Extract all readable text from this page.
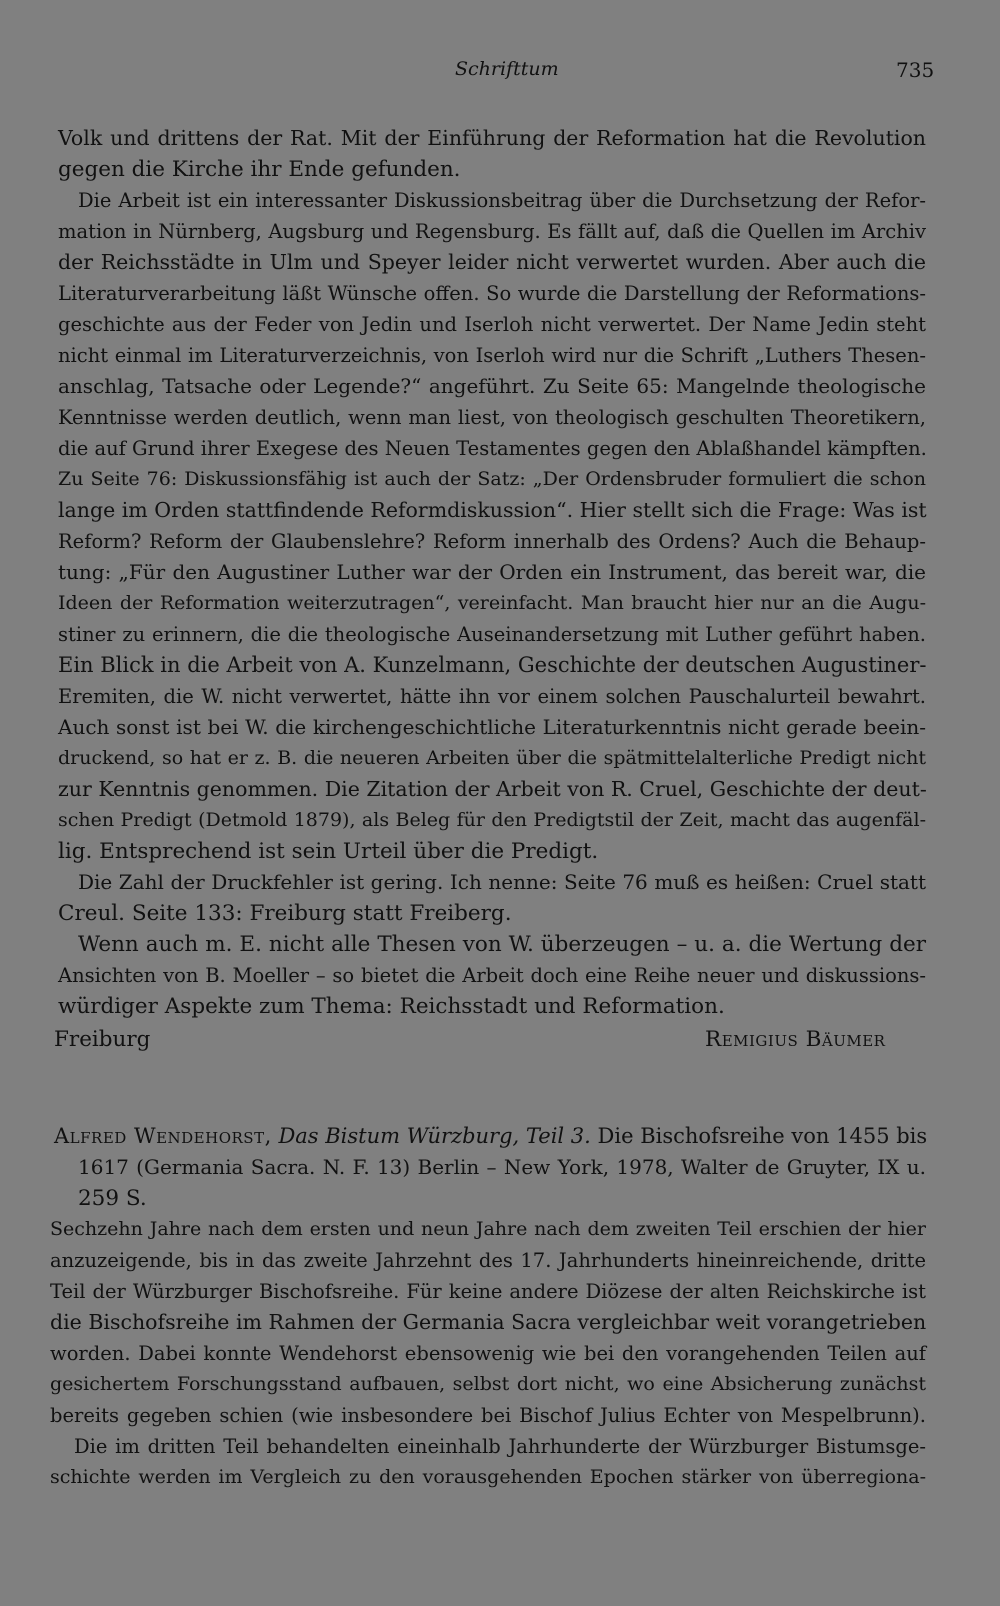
Schrifttum	735
Volk und drittens der Rat. Mit der Einführung der Reformation hat die Revolution
gegen die Kirche ihr Ende gefunden.
Die Arbeit ist ein interessanter Diskussionsbeitrag über die Durchsetzung der Refor-
mation in Nürnberg, Augsburg und Regensburg. Es fällt auf, daß die Quellen im Archiv
der Reichsstädte in Ulm und Speyer leider nicht verwertet wurden. Aber auch die
Literaturverarbeitung läßt Wünsche offen. So wurde die Darstellung der Reformations-
geschichte aus der Feder von Jedin und Iserloh nicht verwertet. Der Name Jedin steht
nicht einmal im Literaturverzeichnis, von Iserloh wird nur die Schrift „Luthers Thesen-
anschlag, Tatsache oder Legende?“ angeführt. Zu Seite 65: Mangelnde theologische
Kenntnisse werden deutlich, wenn man liest, von theologisch geschulten Theoretikern,
die auf Grund ihrer Exegese des Neuen Testamentes gegen den Ablaßhandel kämpften.
Zu Seite 76: Diskussionsfähig ist auch der Satz: „Der Ordensbruder formuliert die schon
lange im Orden stattfindende Reformdiskussion“. Hier stellt sich die Frage: Was ist
Reform? Reform der Glaubenslehre? Reform innerhalb des Ordens? Auch die Behaup-
tung: „Für den Augustiner Luther war der Orden ein Instrument, das bereit war, die
Ideen der Reformation weiterzutragen“, vereinfacht. Man braucht hier nur an die Augu-
stiner zu erinnern, die die theologische Auseinandersetzung mit Luther geführt haben.
Ein Blick in die Arbeit von A. Kunzelmann, Geschichte der deutschen Augustiner-
Eremiten, die W. nicht verwertet, hätte ihn vor einem solchen Pauschalurteil bewahrt.
Auch sonst ist bei W. die kirchengeschichtliche Literaturkenntnis nicht gerade beein-
druckend, so hat er z. B. die neueren Arbeiten über die spätmittelalterliche Predigt nicht
zur Kenntnis genommen. Die Zitation der Arbeit von R. Cruel, Geschichte der deut-
schen Predigt (Detmold 1879), als Beleg für den Predigtstil der Zeit, macht das augenfäl-
lig. Entsprechend ist sein Urteil über die Predigt.
Die Zahl der Druckfehler ist gering. Ich nenne: Seite 76 muß es heißen: Cruel statt
Creul. Seite 133: Freiburg statt Freiberg.
Wenn auch m. E. nicht alle Thesen von W. überzeugen – u. a. die Wertung der
Ansichten von B. Moeller – so bietet die Arbeit doch eine Reihe neuer und diskussions-
würdiger Aspekte zum Thema: Reichsstadt und Reformation.
Freiburg	Remigius Bäumer
Alfred Wendehorst, Das Bistum Würzburg, Teil 3. Die Bischofsreihe von 1455 bis
1617 (Germania Sacra. N. F. 13) Berlin – New York, 1978, Walter de Gruyter, IX u.
259 S.
Sechzehn Jahre nach dem ersten und neun Jahre nach dem zweiten Teil erschien der hier
anzuzeigende, bis in das zweite Jahrzehnt des 17. Jahrhunderts hineinreichende, dritte
Teil der Würzburger Bischofsreihe. Für keine andere Diözese der alten Reichskirche ist
die Bischofsreihe im Rahmen der Germania Sacra vergleichbar weit vorangetrieben
worden. Dabei konnte Wendehorst ebensowenig wie bei den vorangehenden Teilen auf
gesichertem Forschungsstand aufbauen, selbst dort nicht, wo eine Absicherung zunächst
bereits gegeben schien (wie insbesondere bei Bischof Julius Echter von Mespelbrunn).
Die im dritten Teil behandelten eineinhalb Jahrhunderte der Würzburger Bistumsge-
schichte werden im Vergleich zu den vorausgehenden Epochen stärker von überregiona-
